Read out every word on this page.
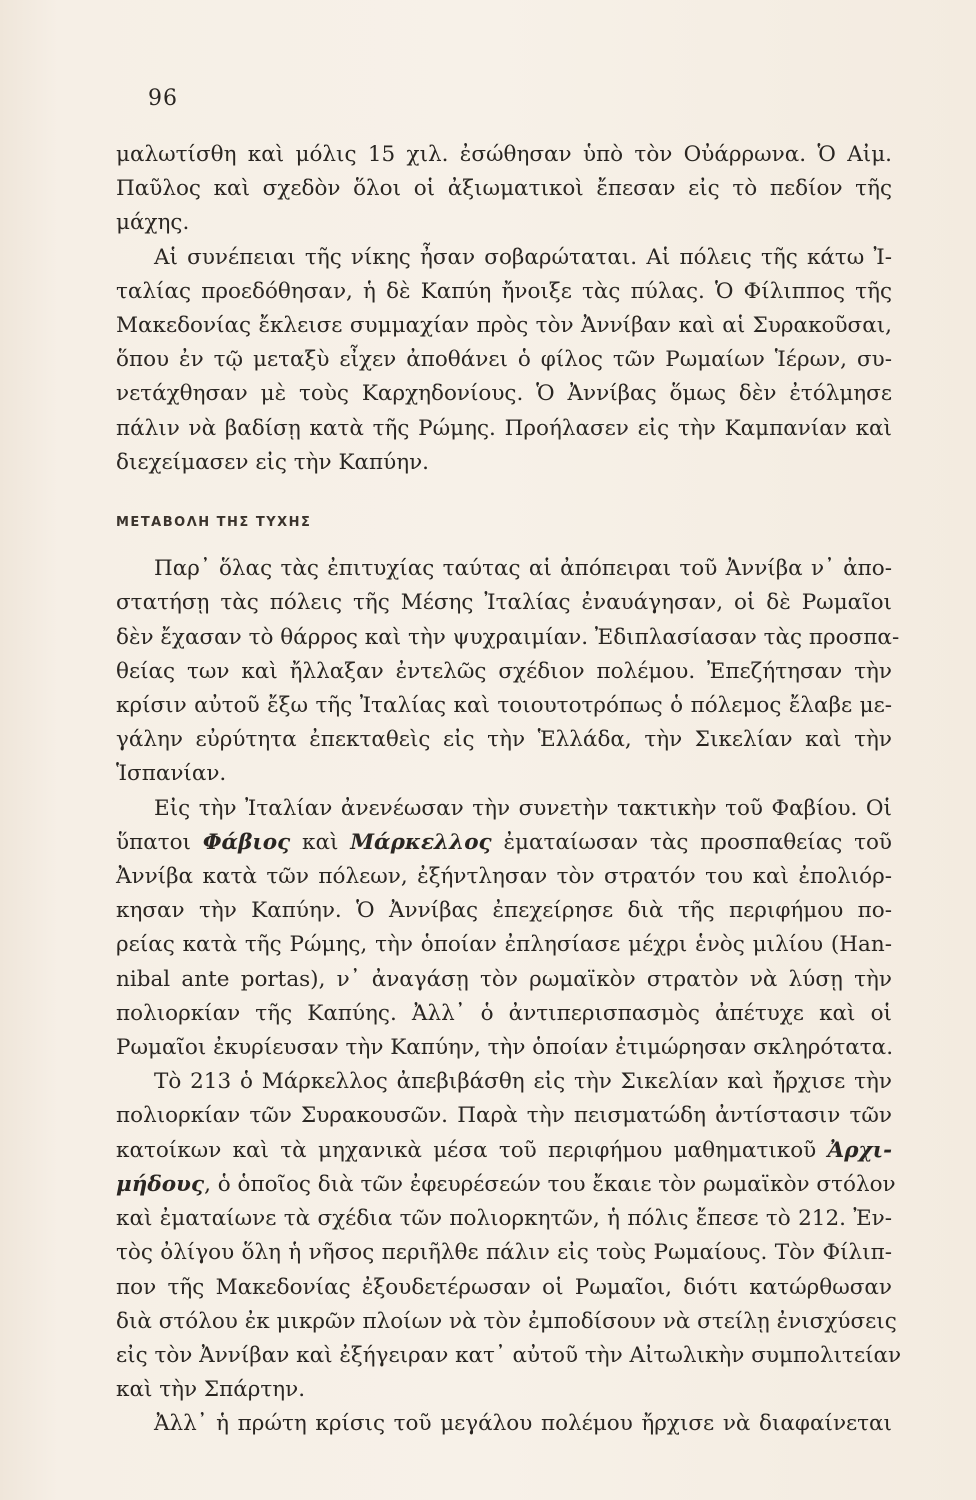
96
μαλωτίσθη καὶ μόλις 15 χιλ. ἐσώθησαν ὑπὸ τὸν Οὐάρρωνα. Ὁ Αἰμ.
Παῦλος καὶ σχεδὸν ὅλοι οἱ ἀξιωματικοὶ ἔπεσαν εἰς τὸ πεδίον τῆς
μάχης.
Αἱ συνέπειαι τῆς νίκης ἦσαν σοβαρώταται. Αἱ πόλεις τῆς κάτω Ἰ-
ταλίας προεδόθησαν, ἡ δὲ Καπύη ἤνοιξε τὰς πύλας. Ὁ Φίλιππος τῆς
Μακεδονίας ἔκλεισε συμμαχίαν πρὸς τὸν Ἀννίβαν καὶ αἱ Συρακοῦσαι,
ὅπου ἐν τῷ μεταξὺ εἶχεν ἀποθάνει ὁ φίλος τῶν Ρωμαίων Ἱέρων, συ-
νετάχθησαν μὲ τοὺς Καρχηδονίους. Ὁ Ἀννίβας ὅμως δὲν ἐτόλμησε
πάλιν νὰ βαδίσῃ κατὰ τῆς Ρώμης. Προήλασεν εἰς τὴν Καμπανίαν καὶ
διεχείμασεν εἰς τὴν Καπύην.
ΜΕΤΑΒΟΛΗ ΤΗΣ ΤΥΧΗΣ
Παρ᾽ ὅλας τὰς ἐπιτυχίας ταύτας αἱ ἀπόπειραι τοῦ Ἀννίβα ν᾽ ἀπο-
στατήσῃ τὰς πόλεις τῆς Μέσης Ἰταλίας ἐναυάγησαν, οἱ δὲ Ρωμαῖοι
δὲν ἔχασαν τὸ θάρρος καὶ τὴν ψυχραιμίαν. Ἐδιπλασίασαν τὰς προσπα-
θείας των καὶ ἤλλαξαν ἐντελῶς σχέδιον πολέμου. Ἐπεζήτησαν τὴν
κρίσιν αὐτοῦ ἔξω τῆς Ἰταλίας καὶ τοιουτοτρόπως ὁ πόλεμος ἔλαβε με-
γάλην εὐρύτητα ἐπεκταθεὶς εἰς τὴν Ἑλλάδα, τὴν Σικελίαν καὶ τὴν
Ἱσπανίαν.
Εἰς τὴν Ἰταλίαν ἀνενέωσαν τὴν συνετὴν τακτικὴν τοῦ Φαβίου. Οἱ
ὕπατοι Φάβιος καὶ Μάρκελλος ἐματαίωσαν τὰς προσπαθείας τοῦ
Ἀννίβα κατὰ τῶν πόλεων, ἐξήντλησαν τὸν στρατόν του καὶ ἐπολιόρ-
κησαν τὴν Καπύην. Ὁ Ἀννίβας ἐπεχείρησε διὰ τῆς περιφήμου πο-
ρείας κατὰ τῆς Ρώμης, τὴν ὁποίαν ἐπλησίασε μέχρι ἑνὸς μιλίου (Han-
nibal ante portas), ν᾽ ἀναγάσῃ τὸν ρωμαϊκὸν στρατὸν νὰ λύσῃ τὴν
πολιορκίαν τῆς Καπύης. Ἀλλ᾽ ὁ ἀντιπερισπασμὸς ἀπέτυχε καὶ οἱ
Ρωμαῖοι ἐκυρίευσαν τὴν Καπύην, τὴν ὁποίαν ἐτιμώρησαν σκληρότατα.
Τὸ 213 ὁ Μάρκελλος ἀπεβιβάσθη εἰς τὴν Σικελίαν καὶ ἤρχισε τὴν
πολιορκίαν τῶν Συρακουσῶν. Παρὰ τὴν πεισματώδη ἀντίστασιν τῶν
κατοίκων καὶ τὰ μηχανικὰ μέσα τοῦ περιφήμου μαθηματικοῦ Ἀρχι-
μήδους, ὁ ὁποῖος διὰ τῶν ἐφευρέσεών του ἔκαιε τὸν ρωμαϊκὸν στόλον
καὶ ἐματαίωνε τὰ σχέδια τῶν πολιορκητῶν, ἡ πόλις ἔπεσε τὸ 212. Ἐν-
τὸς ὀλίγου ὅλη ἡ νῆσος περιῆλθε πάλιν εἰς τοὺς Ρωμαίους. Τὸν Φίλιπ-
πον τῆς Μακεδονίας ἐξουδετέρωσαν οἱ Ρωμαῖοι, διότι κατώρθωσαν
διὰ στόλου ἐκ μικρῶν πλοίων νὰ τὸν ἐμποδίσουν νὰ στείλῃ ἐνισχύσεις
εἰς τὸν Ἀννίβαν καὶ ἐξήγειραν κατ᾽ αὐτοῦ τὴν Αἰτωλικὴν συμπολιτείαν
καὶ τὴν Σπάρτην.
Ἀλλ᾽ ἡ πρώτη κρίσις τοῦ μεγάλου πολέμου ἤρχισε νὰ διαφαίνεται
